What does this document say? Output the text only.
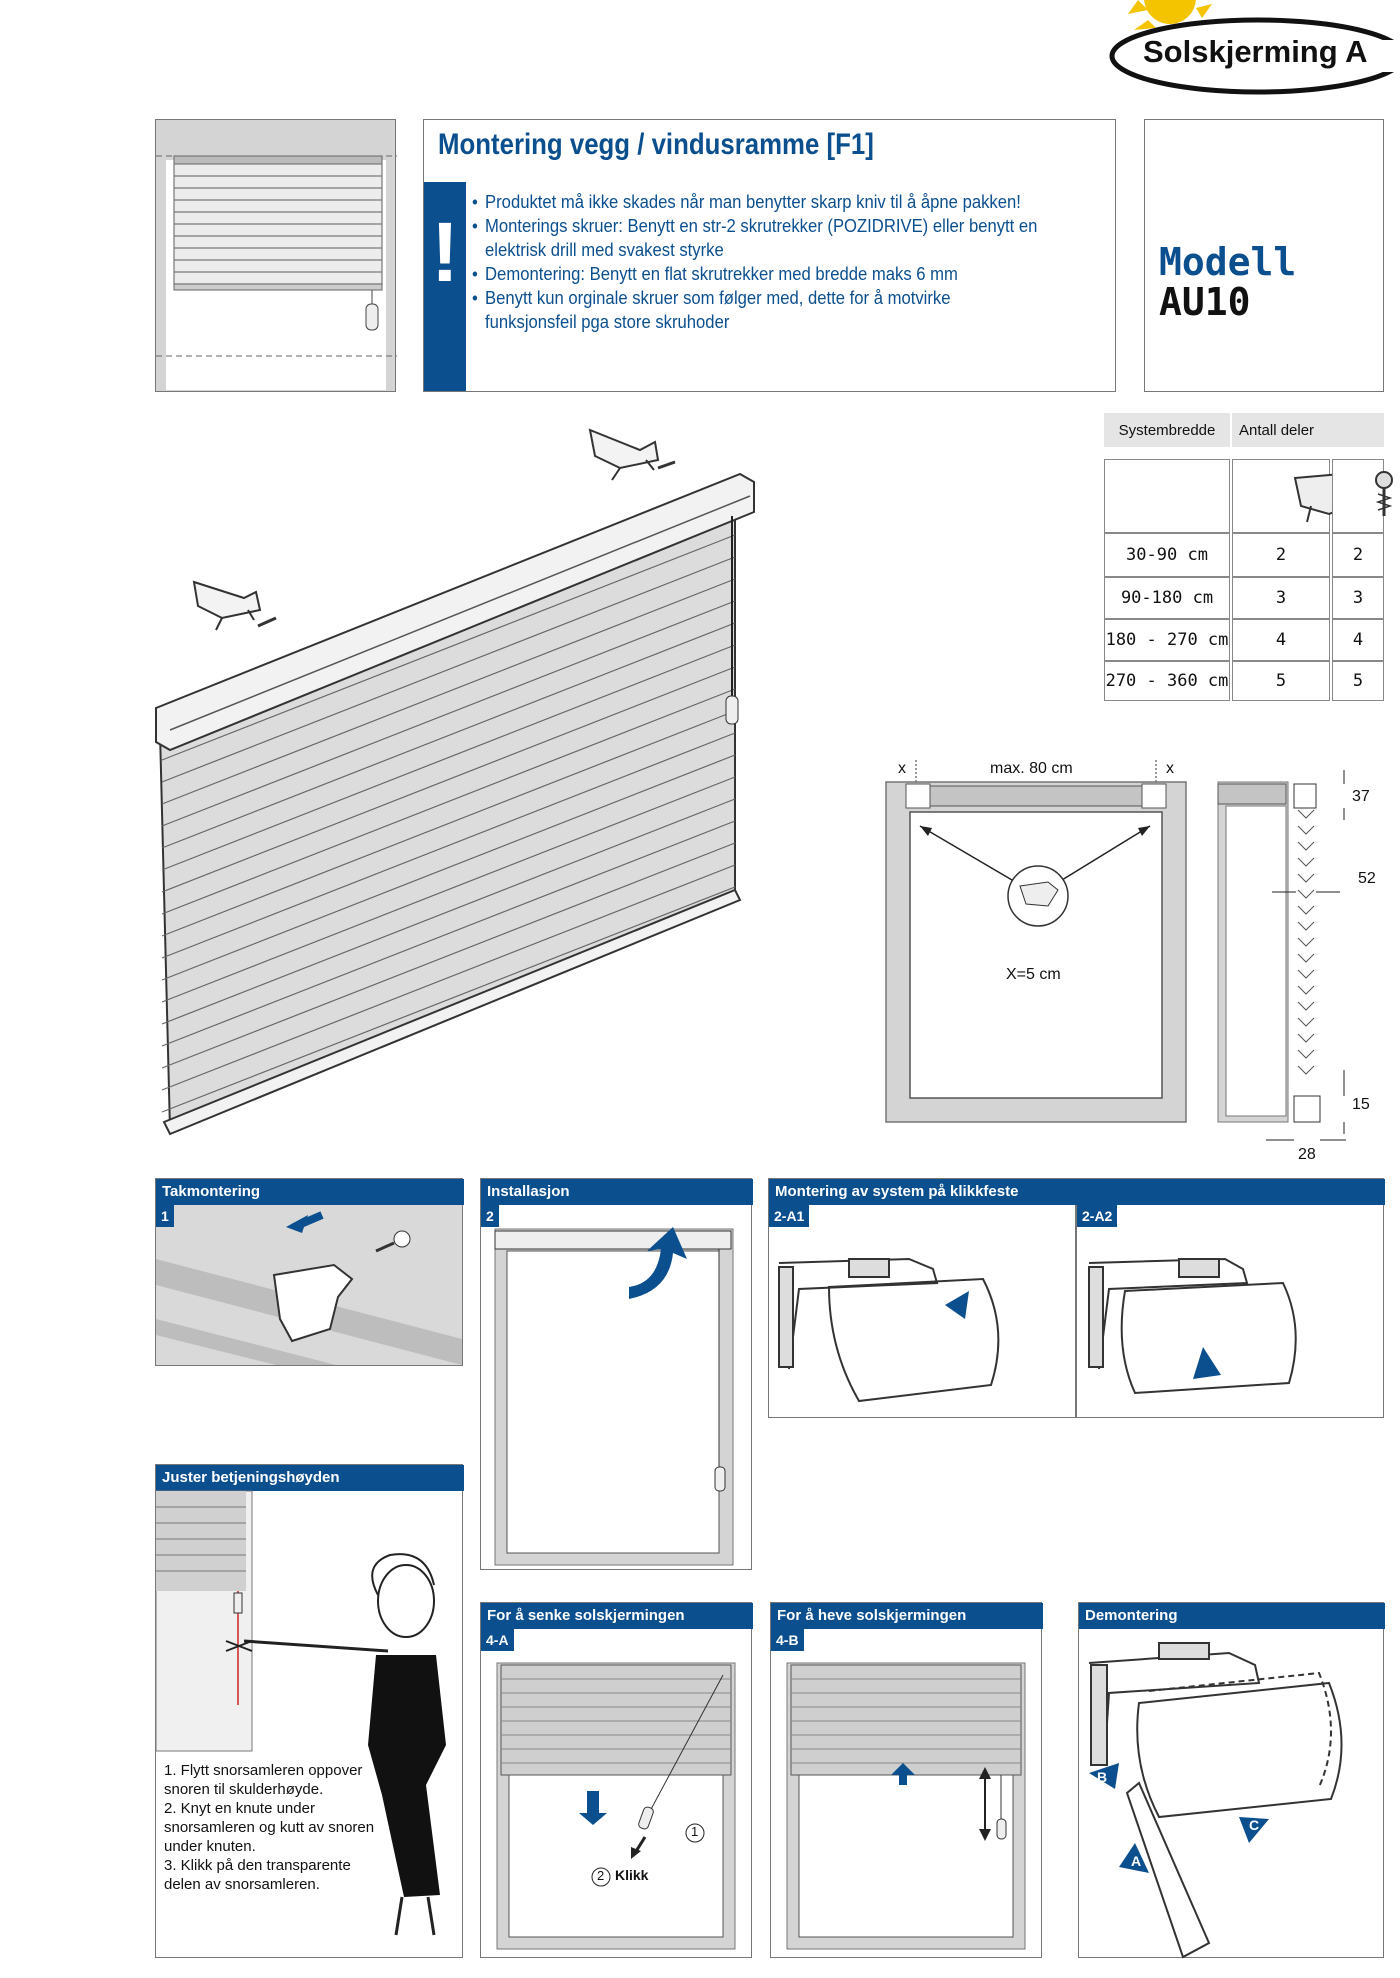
Solskjerming A
Montering vegg / vindusramme [F1]
!
• Produktet må ikke skades når man benytter skarp kniv til å åpne pakken!
• Monterings skruer: Benytt en str-2 skrutrekker (POZIDRIVE) eller benytt en elektrisk drill med svakest styrke
• Demontering: Benytt en flat skrutrekker med bredde maks 6 mm
• Benytt kun orginale skruer som følger med, dette for å motvirke funksjonsfeil pga store skruhoder
Modell
AU10
Systembredde	Antall deler
30-90 cm	2	2
90-180 cm	3	3
180 - 270 cm	4	4
270 - 360 cm	5	5
x	max. 80 cm	x
X=5 cm
37
52
15
28
Takmontering
1
Installasjon
2
Montering av system på klikkfeste
2-A1	2-A2
Juster betjeningshøyden
1. Flytt snorsamleren oppover snoren til skulderhøyde.
2. Knyt en knute under snorsamleren og kutt av snoren under knuten.
3. Klikk på den transparente delen av snorsamleren.
For å senke solskjermingen
4-A
1
2 Klikk
For å heve solskjermingen
4-B
Demontering
B
A
C
